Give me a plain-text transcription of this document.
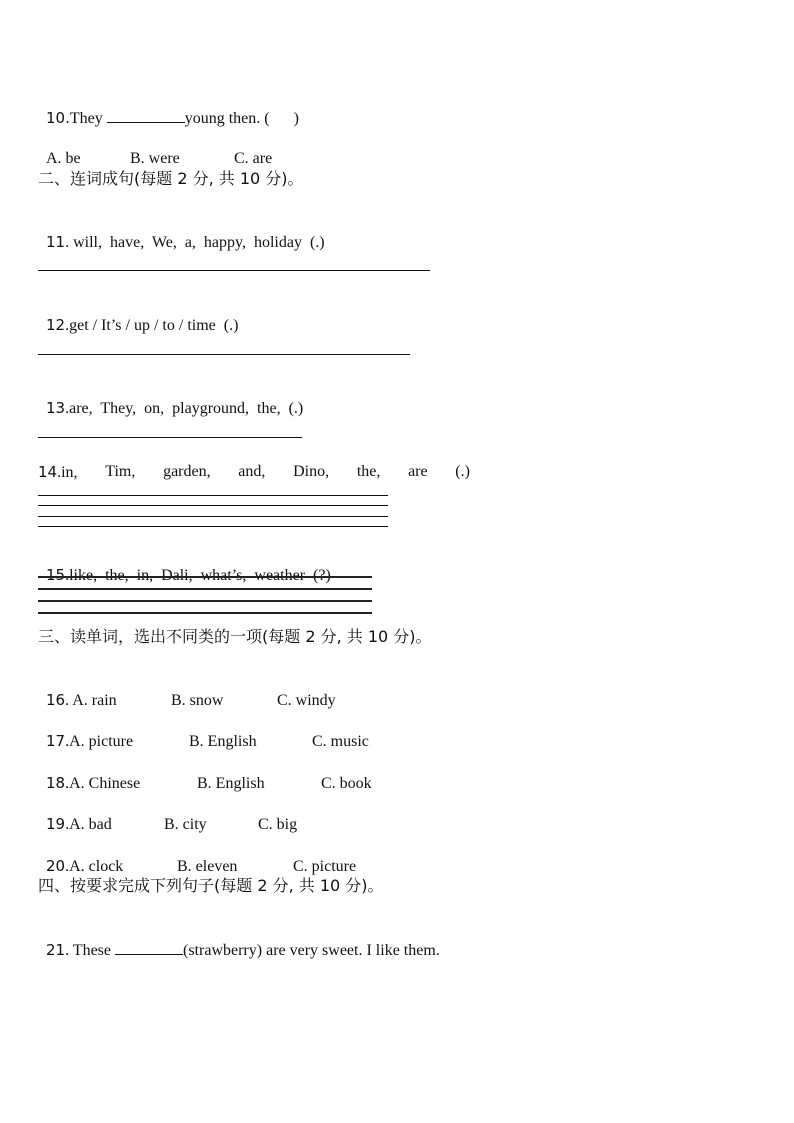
10.They	young then. (      )

A. be	B. were	C. are

二、连词成句(每题 2 分, 共 10 分)。

11. will,  have,  We,  a,  happy,  holiday  (.)

12.get / It’s / up / to / time  (.)

13.are,  They,  on,  playground,  the,  (.)

14.in, Tim, garden, and, Dino, the, are (.)

15.like,  the,  in,  Dali,  what’s,  weather  (?)

三、读单词，选出不同类的一项(每题 2 分, 共 10 分)。

16. A. rain	B. snow	C. windy

17.A. picture	B. English	C. music

18.A. Chinese	B. English	C. book

19.A. bad	B. city	C. big

20.A. clock	B. eleven	C. picture

四、按要求完成下列句子(每题 2 分, 共 10 分)。

21. These	(strawberry) are very sweet. I like them.
